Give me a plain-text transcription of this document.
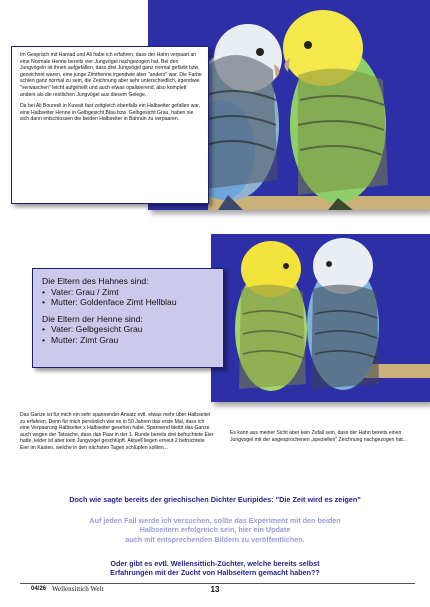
Im Gespräch mit Hamad und Ali habe ich erfahren, dass der Hahn verpaart an eine Normale Henne bereits vier Jungvögel nachgezogen hat. Bei den Jungvögeln ist ihnen aufgefallen, dass drei Jungvögel ganz normal gefärbt bzw. gezeichnet waren, eine junge Zimthenne irgendwie aber "anders" war. Die Farbe schien ganz normal zu sein, die Zeichnung aber sehr unterschiedlich, irgendwie "verwaschen" leicht aufgehellt und auch etwas opalisierend, also komplett anders als die restlichen Jungvögel aus diesem Gelege.

Da bei Ali Bouresli in Kuwait fast zeitgleich ebenfalls ein Halbseiter gefallen war, eine Halbseiter Henne in Gelbgesicht Blau bzw. Gelbgesicht Grau, haben sie sich dann entschlossen die beiden Halbseiter in Bahrain zu verpaaren.

Die Eltern des Hahnes sind:

• Vater: Grau / Zimt
• Mutter: Goldenface Zimt Hellblau

Die Eltern der Henne sind:

• Vater: Gelbgesicht Grau
• Mutter: Zimt Grau
Das Ganze ist für mich ein sehr spannender Ansatz evtl. etwas mehr über Halbseiter zu erfahren. Denn für mich persönlich war es in 50 Jahren das erste Mal, dass ich eine Verpaarung Halbseiter x Halbseiter gesehen habe. Spannend bleibt das Ganze auch wegen der Tatsache, dass das Paar in der 1. Runde bereits drei befruchtete Eier hatte, leider ist aber kein Jungvogel geschlüpft. Aktuell liegen erneut 2 befruchtete Eier im Kasten, welche in den nächsten Tagen schlüpfen sollten...
Es kann aus meiner Sicht aber kein Zufall sein, dass der Hahn bereits einen Jungvogel mit der angesprochenen „speziellen" Zeichnung nachgezogen hat...
Doch wie sagte bereits der griechischen Dichter Euripides: "Die Zeit wird es zeigen"
Auf jeden Fall werde ich versuchen, sollte das Experiment mit den beiden
Halbseitern erfolgreich sein, hier ein Update
auch mit entsprechenden Bildern zu veröffentlichen.
Oder gibt es evtl. Wellensittich-Züchter, welche bereits selbst
Erfahrungen mit der Zucht von Halbseitern gemacht haben??
04/26 Wellensittich Welt	13
